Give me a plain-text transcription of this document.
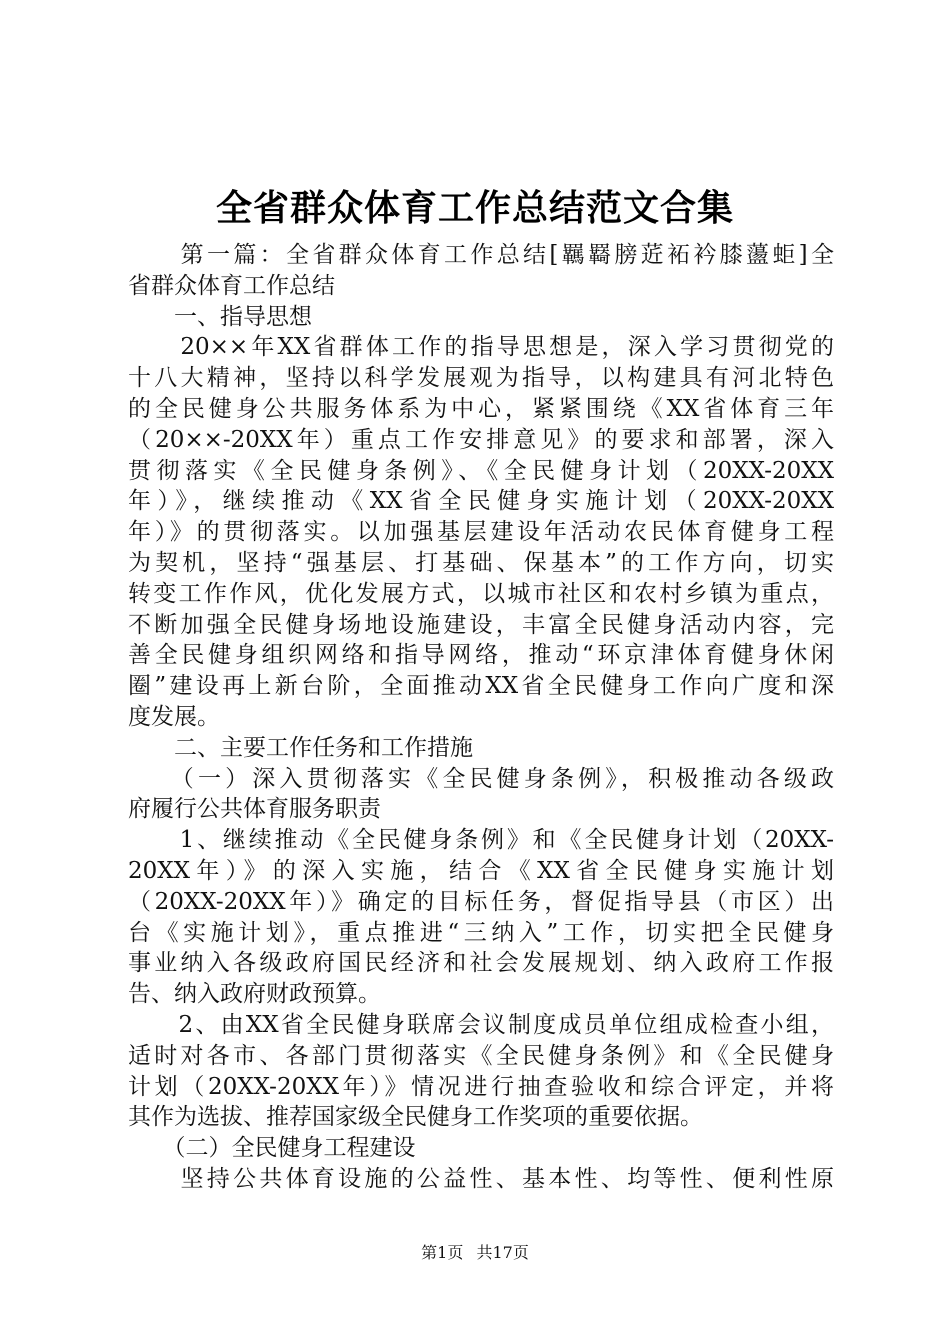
全省群众体育工作总结范文合集
　　第一篇：全省群众体育工作总结[羈羇膀菦袥衿膝蘯蚷]全
省群众体育工作总结
　　一、指导思想
　　20××年XX省群体工作的指导思想是，深入学习贯彻党的
十八大精神，坚持以科学发展观为指导，以构建具有河北特色
的全民健身公共服务体系为中心，紧紧围绕《XX省体育三年
（20××-20XX年）重点工作安排意见》的要求和部署，深入
贯彻落实《全民健身条例》、《全民健身计划（20XX-20XX
年）》，继续推动《XX省全民健身实施计划（20XX-20XX
年）》的贯彻落实。以加强基层建设年活动农民体育健身工程
为契机，坚持“强基层、打基础、保基本”的工作方向，切实
转变工作作风，优化发展方式，以城市社区和农村乡镇为重点，
不断加强全民健身场地设施建设，丰富全民健身活动内容，完
善全民健身组织网络和指导网络，推动“环京津体育健身休闲
圈”建设再上新台阶，全面推动XX省全民健身工作向广度和深
度发展。
　　二、主要工作任务和工作措施
　　（一）深入贯彻落实《全民健身条例》，积极推动各级政
府履行公共体育服务职责
　　1、继续推动《全民健身条例》和《全民健身计划（20XX-
20XX年）》的深入实施，结合《XX省全民健身实施计划
（20XX-20XX年）》确定的目标任务，督促指导县（市区）出
台《实施计划》，重点推进“三纳入”工作，切实把全民健身
事业纳入各级政府国民经济和社会发展规划、纳入政府工作报
告、纳入政府财政预算。
　　2、由XX省全民健身联席会议制度成员单位组成检查小组，
适时对各市、各部门贯彻落实《全民健身条例》和《全民健身
计划（20XX-20XX年）》情况进行抽查验收和综合评定，并将
其作为选拔、推荐国家级全民健身工作奖项的重要依据。
　　（二）全民健身工程建设
　　坚持公共体育设施的公益性、基本性、均等性、便利性原
第1页 共17页
